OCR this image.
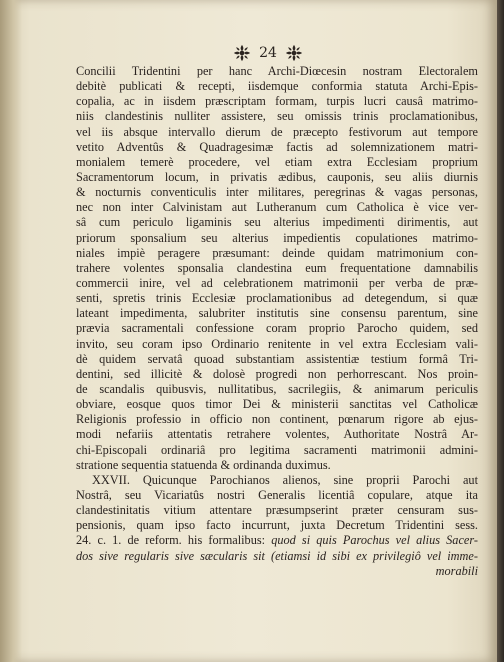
24
Concilii Tridentini per hanc Archi-Diœcesin nostram Electoralem
debitè publicati & recepti, iisdemque conformia statuta Archi-Epis-
copalia, ac in iisdem præscriptam formam, turpis lucri causâ matrimo-
niis clandestinis nulliter assistere, seu omissis trinis proclamationibus,
vel iis absque intervallo dierum de præcepto festivorum aut tempore
vetito Adventûs & Quadragesimæ factis ad solemnizationem matri-
monialem temerè procedere, vel etiam extra Ecclesiam proprium
Sacramentorum locum, in privatis ædibus, cauponis, seu aliis diurnis
& nocturnis conventiculis inter militares, peregrinas & vagas personas,
nec non inter Calvinistam aut Lutheranum cum Catholica è vice ver-
sâ cum periculo ligaminis seu alterius impedimenti dirimentis, aut
priorum sponsalium seu alterius impedientis copulationes matrimo-
niales impiè peragere præsumant: deinde quidam matrimonium con-
trahere volentes sponsalia clandestina eum frequentatione damnabilis
commercii inire, vel ad celebrationem matrimonii per verba de præ-
senti, spretis trinis Ecclesiæ proclamationibus ad detegendum, si quæ
lateant impedimenta, salubriter institutis sine consensu parentum, sine
prævia sacramentali confessione coram proprio Parocho quidem, sed
invito, seu coram ipso Ordinario renitente in vel extra Ecclesiam vali-
dè quidem servatâ quoad substantiam assistentiæ testium formâ Tri-
dentini, sed illicitè & dolosè progredi non perhorrescant. Nos proin-
de scandalis quibusvis, nullitatibus, sacrilegiis, & animarum periculis
obviare, eosque quos timor Dei & ministerii sanctitas vel Catholicæ
Religionis professio in officio non continent, pœnarum rigore ab ejus-
modi nefariis attentatis retrahere volentes, Authoritate Nostrâ Ar-
chi-Episcopali ordinariâ pro legitima sacramenti matrimonii admini-
stratione sequentia statuenda & ordinanda duximus.
XXVII. Quicunque Parochianos alienos, sine proprii Parochi aut
Nostrâ, seu Vicariatûs nostri Generalis licentiâ copulare, atque ita
clandestinitatis vitium attentare præsumpserint præter censuram sus-
pensionis, quam ipso facto incurrunt, juxta Decretum Tridentini sess.
24. c. 1. de reform. his formalibus: quod si quis Parochus vel alius Sacer-
dos sive regularis sive sæcularis sit (etiamsi id sibi ex privilegiô vel imme-
morabili
